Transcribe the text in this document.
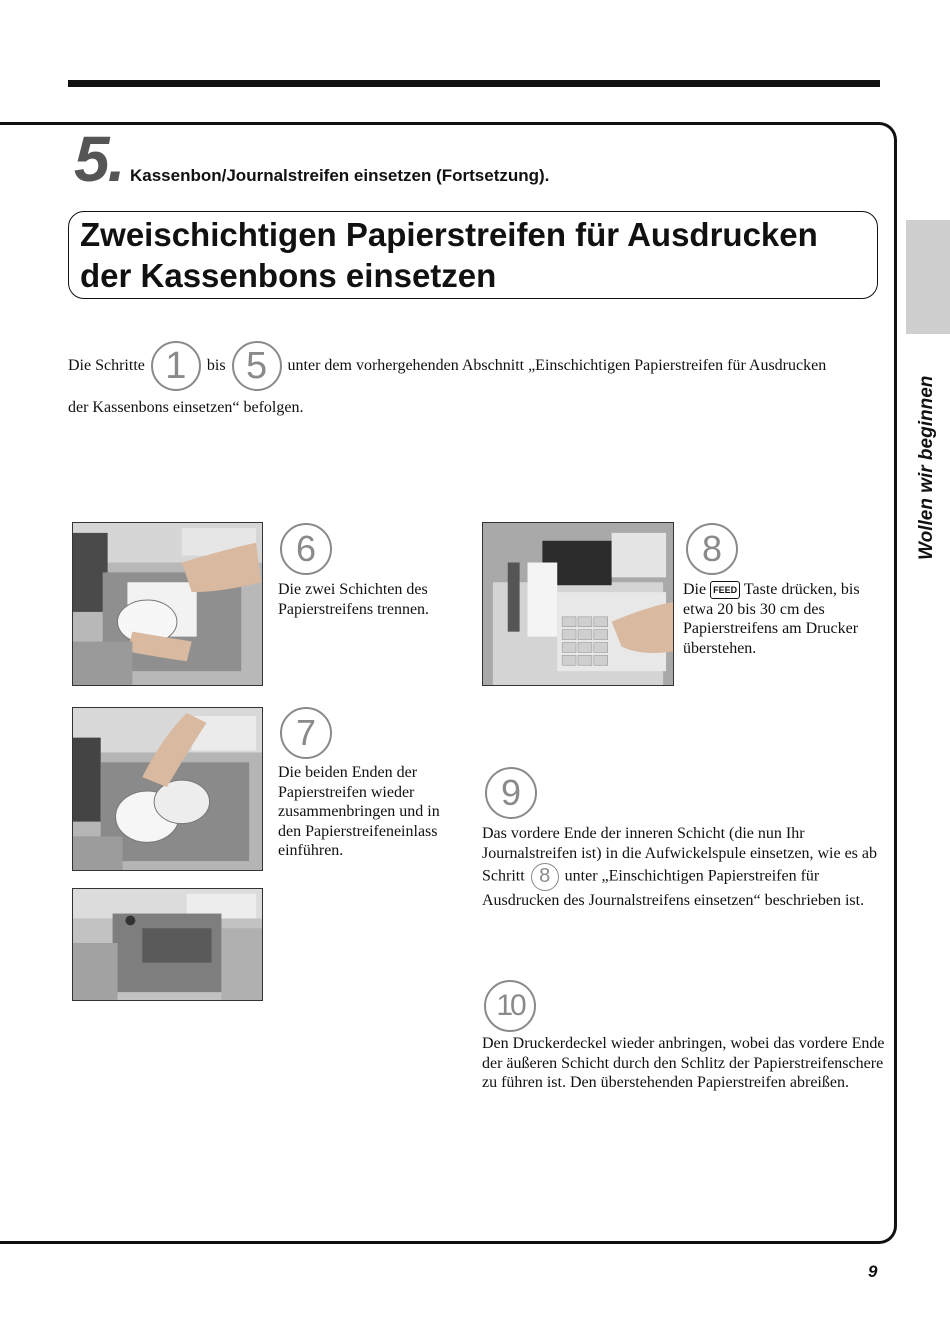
Wollen wir beginnen
5. Kassenbon/Journalstreifen einsetzen (Fortsetzung).
Zweischichtigen Papierstreifen für Ausdrucken
der Kassenbons einsetzen
Die Schritte 1	bis 5	unter dem vorhergehenden Abschnitt „Einschichtigen Papierstreifen für Ausdrucken
der Kassenbons einsetzen“ befolgen.
6
Die zwei Schichten des Papierstreifens trennen.
8
Die FEED Taste drücken, bis etwa 20 bis 30 cm des Papierstreifens am Drucker überstehen.
7
Die beiden Enden der Papierstreifen wieder zusammenbringen und in den Papierstreifeneinlass einführen.
9
Das vordere Ende der inneren Schicht (die nun Ihr Journalstreifen ist) in die Aufwickelspule einsetzen, wie es ab Schritt 8 unter „Einschichtigen Papierstreifen für Ausdrucken des Journalstreifens einsetzen“ beschrieben ist.
10
Den Druckerdeckel wieder anbringen, wobei das vordere Ende der äußeren Schicht durch den Schlitz der Papierstreifenschere zu führen ist. Den überstehenden Papierstreifen abreißen.
9
